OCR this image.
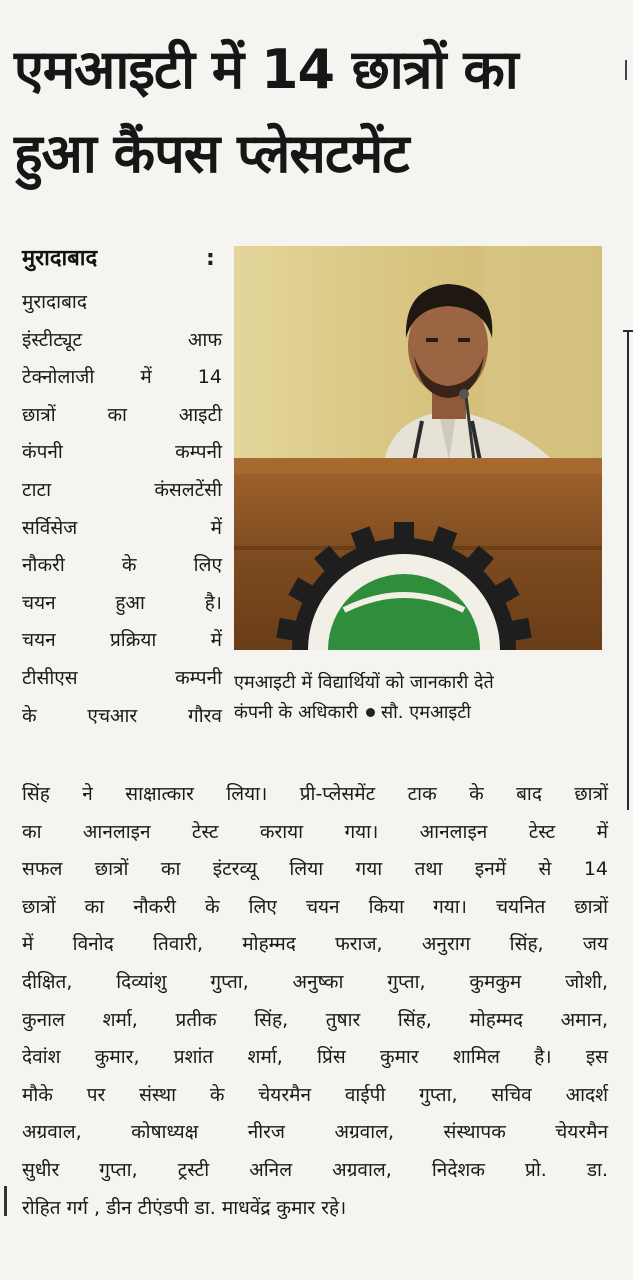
एमआइटी में 14 छात्रों का
हुआ कैंपस प्लेसटमेंट
मुरादाबाद	:
मुरादाबाद
इंस्टीट्यूट आफ
टेक्नोलाजी में 14
छात्रों का आइटी
कंपनी कम्पनी
टाटा कंसलटेंसी
सर्विसेज में
नौकरी के लिए
चयन हुआ है।
चयन प्रक्रिया में
टीसीएस कम्पनी
के एचआर गौरव
एमआइटी में विद्यार्थियों को जानकारी देते
कंपनी के अधिकारी सौ. एमआइटी
सिंह ने साक्षात्कार लिया। प्री-प्लेसमेंट टाक के बाद छात्रों
का आनलाइन टेस्ट कराया गया। आनलाइन टेस्ट में
सफल छात्रों का इंटरव्यू लिया गया तथा इनमें से 14
छात्रों का नौकरी के लिए चयन किया गया। चयनित छात्रों
में विनोद तिवारी, मोहम्मद फराज, अनुराग सिंह, जय
दीक्षित, दिव्यांशु गुप्ता, अनुष्का गुप्ता, कुमकुम जोशी,
कुनाल शर्मा, प्रतीक सिंह, तुषार सिंह, मोहम्मद अमान,
देवांश कुमार, प्रशांत शर्मा, प्रिंस कुमार शामिल है। इस
मौके पर संस्था के चेयरमैन वाईपी गुप्ता, सचिव आदर्श
अग्रवाल, कोषाध्यक्ष नीरज अग्रवाल, संस्थापक चेयरमैन
सुधीर गुप्ता, ट्रस्टी अनिल अग्रवाल, निदेशक प्रो. डा.
रोहित गर्ग , डीन टीएंडपी डा. माधवेंद्र कुमार रहे।
